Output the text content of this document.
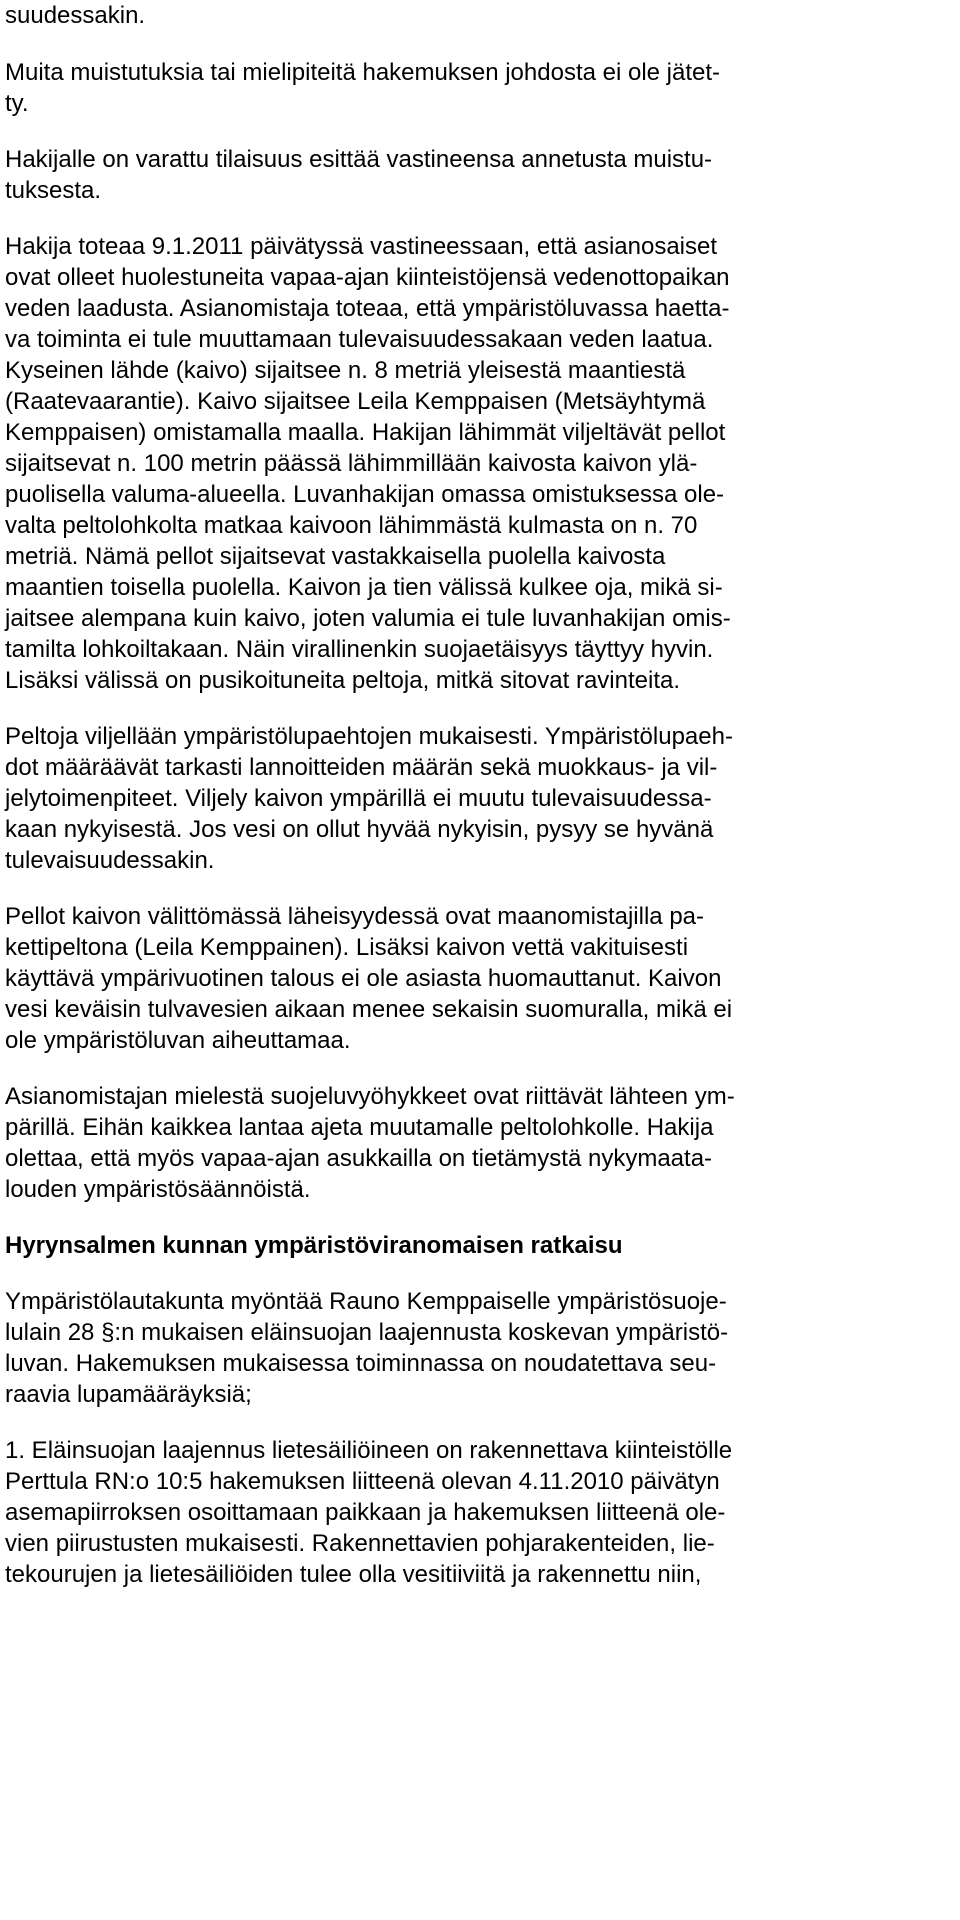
suudessakin.

Muita muistutuksia tai mielipiteitä hakemuksen johdosta ei ole jätet-

ty.

Hakijalle on varattu tilaisuus esittää vastineensa annetusta muistu-

tuksesta.

Hakija toteaa 9.1.2011 päivätyssä vastineessaan, että asianosaiset

ovat olleet huolestuneita vapaa-ajan kiinteistöjensä vedenottopaikan

veden laadusta. Asianomistaja toteaa, että ympäristöluvassa haetta-

va toiminta ei tule muuttamaan tulevaisuudessakaan veden laatua.

Kyseinen lähde (kaivo) sijaitsee n. 8 metriä yleisestä maantiestä

(Raatevaarantie). Kaivo sijaitsee Leila Kemppaisen (Metsäyhtymä

Kemppaisen) omistamalla maalla. Hakijan lähimmät viljeltävät pellot

sijaitsevat n. 100 metrin päässä lähimmillään kaivosta kaivon ylä-

puolisella valuma-alueella. Luvanhakijan omassa omistuksessa ole-

valta peltolohkolta matkaa kaivoon lähimmästä kulmasta on n. 70

metriä. Nämä pellot sijaitsevat vastakkaisella puolella kaivosta

maantien toisella puolella. Kaivon ja tien välissä kulkee oja, mikä si-

jaitsee alempana kuin kaivo, joten valumia ei tule luvanhakijan omis-

tamilta lohkoiltakaan. Näin virallinenkin suojaetäisyys täyttyy hyvin.

Lisäksi välissä on pusikoituneita peltoja, mitkä sitovat ravinteita.

Peltoja viljellään ympäristölupaehtojen mukaisesti. Ympäristölupaeh-

dot määräävät tarkasti lannoitteiden määrän sekä muokkaus- ja vil-

jelytoimenpiteet. Viljely kaivon ympärillä ei muutu tulevaisuudessa-

kaan nykyisestä. Jos vesi on ollut hyvää nykyisin, pysyy se hyvänä

tulevaisuudessakin.

Pellot kaivon välittömässä läheisyydessä ovat maanomistajilla pa-

kettipeltona (Leila Kemppainen). Lisäksi kaivon vettä vakituisesti

käyttävä ympärivuotinen talous ei ole asiasta huomauttanut. Kaivon

vesi keväisin tulvavesien aikaan menee sekaisin suomuralla, mikä ei

ole ympäristöluvan aiheuttamaa.

Asianomistajan mielestä suojeluvyöhykkeet ovat riittävät lähteen ym-

pärillä. Eihän kaikkea lantaa ajeta muutamalle peltolohkolle. Hakija

olettaa, että myös vapaa-ajan asukkailla on tietämystä nykymaata-

louden ympäristösäännöistä.

Hyrynsalmen kunnan ympäristöviranomaisen ratkaisu

Ympäristölautakunta myöntää Rauno Kemppaiselle ympäristösuoje-

lulain 28 §:n mukaisen eläinsuojan laajennusta koskevan ympäristö-

luvan. Hakemuksen mukaisessa toiminnassa on noudatettava seu-

raavia lupamääräyksiä;

1. Eläinsuojan laajennus lietesäiliöineen on rakennettava kiinteistölle

Perttula RN:o 10:5 hakemuksen liitteenä olevan 4.11.2010 päivätyn

asemapiirroksen osoittamaan paikkaan ja hakemuksen liitteenä ole-

vien piirustusten mukaisesti. Rakennettavien pohjarakenteiden, lie-

tekourujen ja lietesäiliöiden tulee olla vesitiiviitä ja rakennettu niin,
